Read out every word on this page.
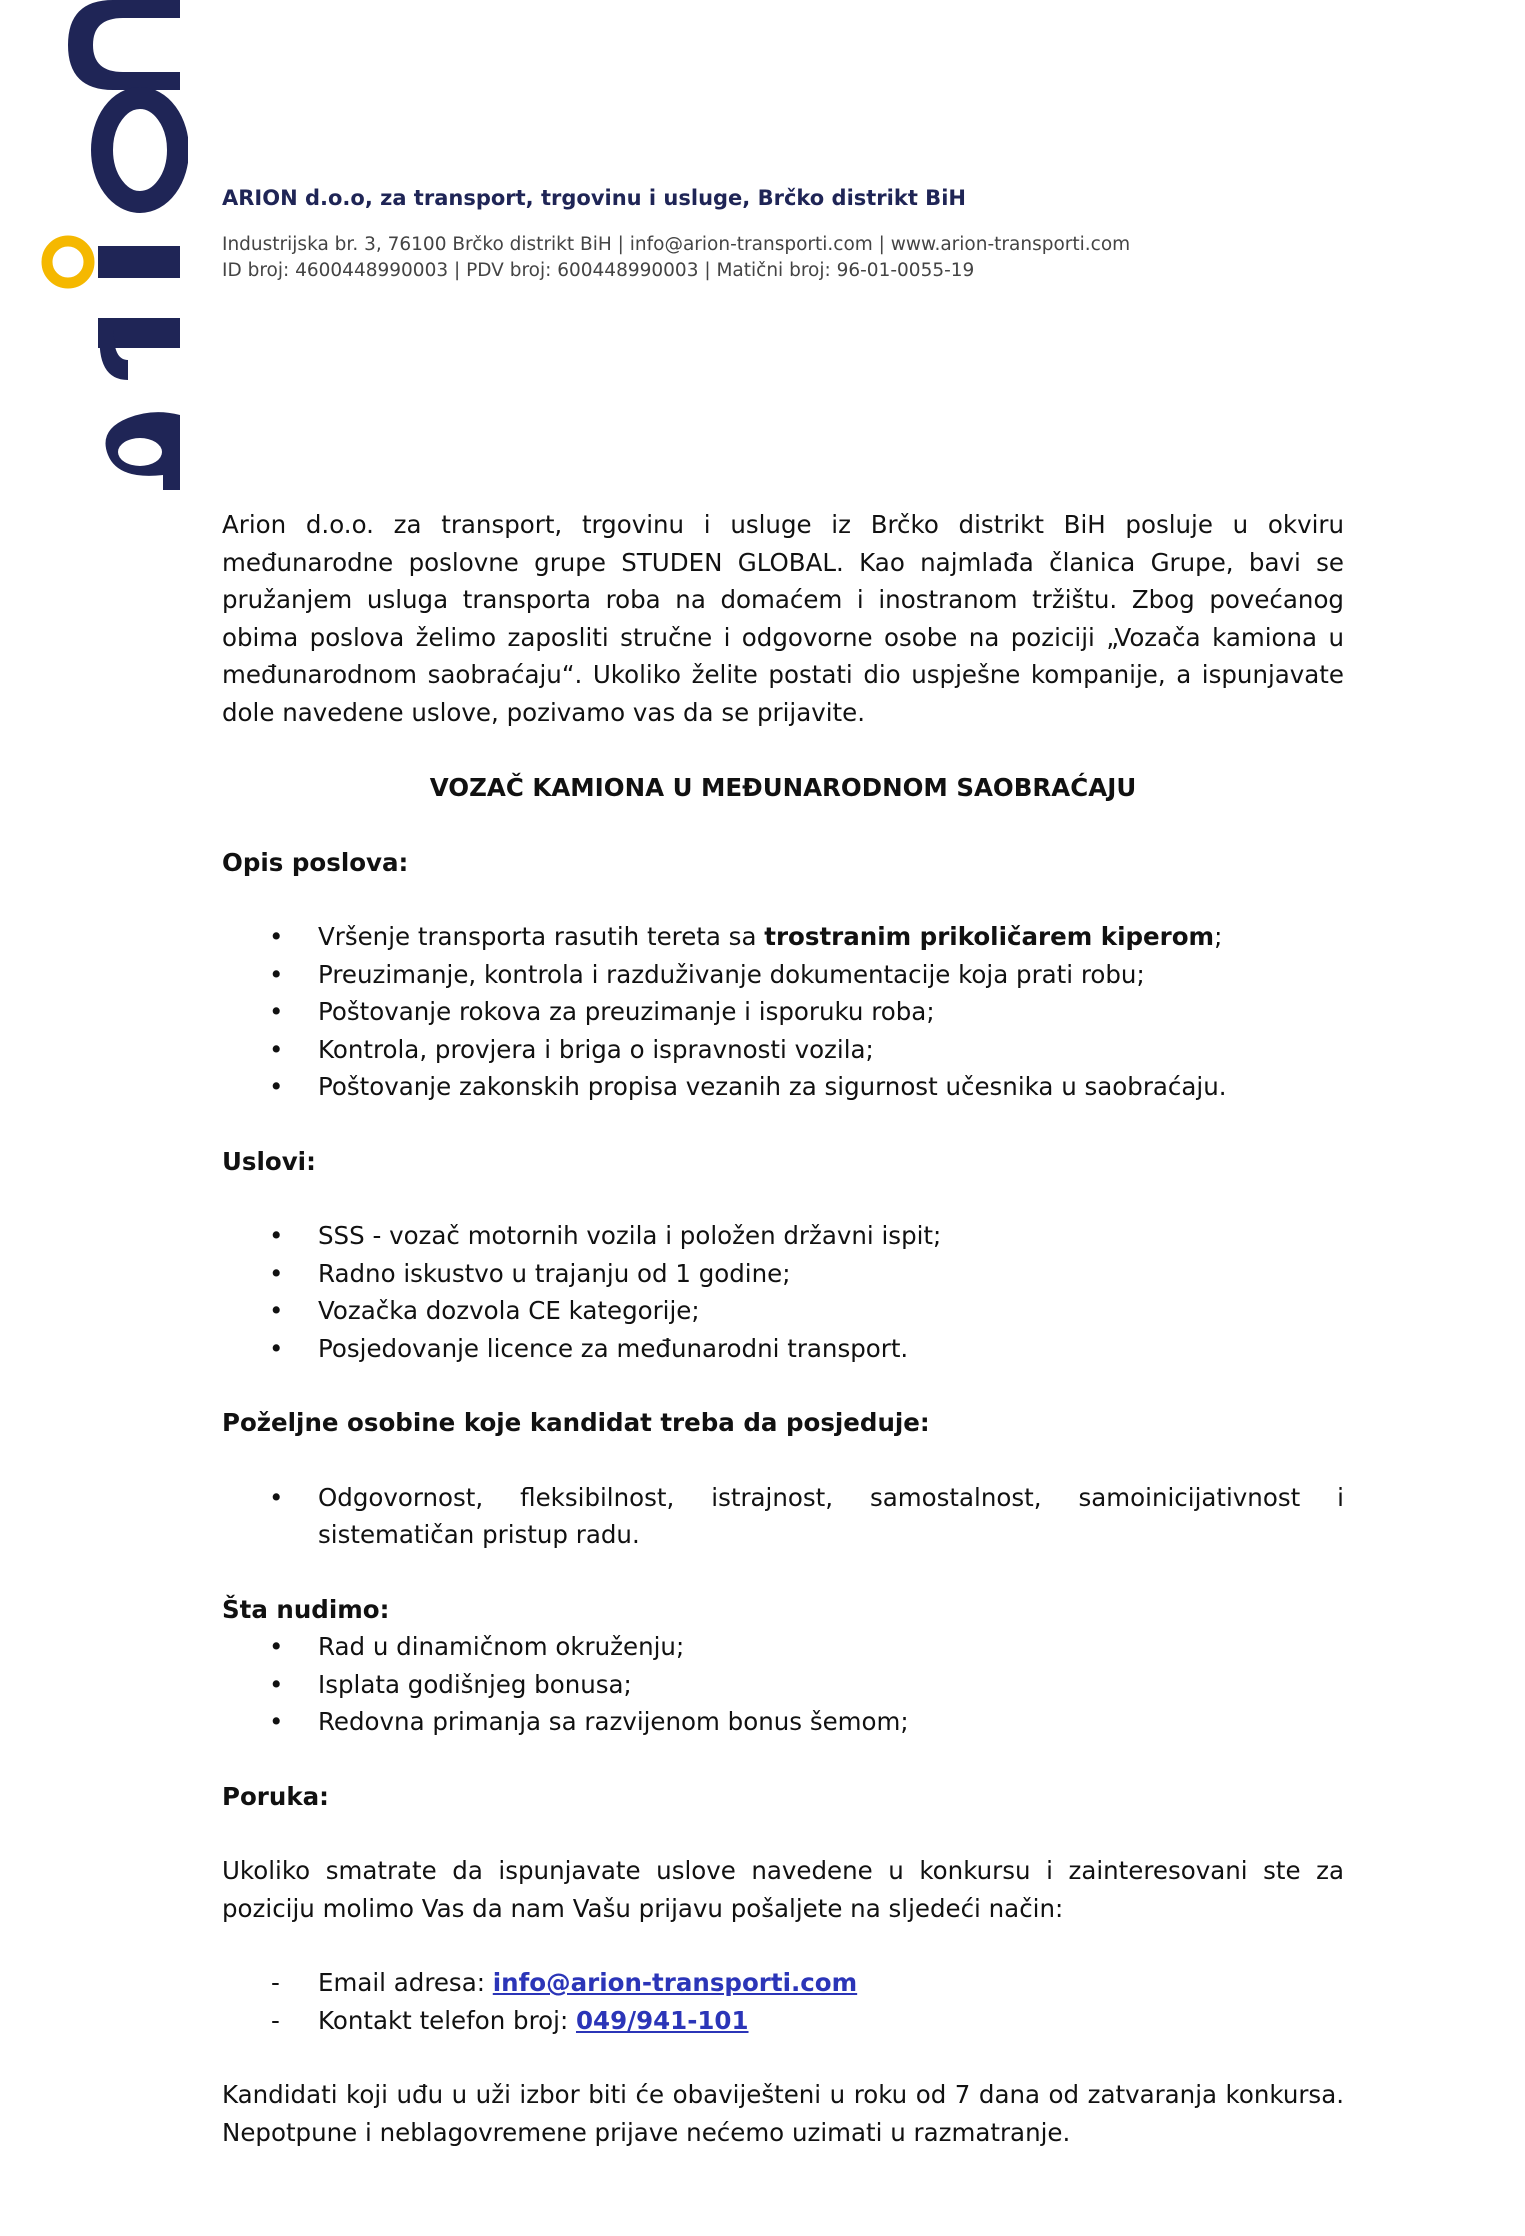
ARION d.o.o, za transport, trgovinu i usluge, Brčko distrikt BiH

Industrijska br. 3, 76100 Brčko distrikt BiH | info@arion-transporti.com | www.arion-transporti.com

ID broj: 4600448990003 | PDV broj: 600448990003 | Matični broj: 96-01-0055-19

Arion d.o.o. za transport, trgovinu i usluge iz Brčko distrikt BiH posluje u okviru međunarodne poslovne grupe STUDEN GLOBAL. Kao najmlađa članica Grupe, bavi se pružanjem usluga transporta roba na domaćem i inostranom tržištu. Zbog povećanog obima poslova želimo zaposliti stručne i odgovorne osobe na poziciji „Vozača kamiona u međunarodnom saobraćaju“. Ukoliko želite postati dio uspješne kompanije, a ispunjavate dole navedene uslove, pozivamo vas da se prijavite.

VOZAČ KAMIONA U MEĐUNARODNOM SAOBRAĆAJU

Opis poslova:

• Vršenje transporta rasutih tereta sa trostranim prikoličarem kiperom;
• Preuzimanje, kontrola i razduživanje dokumentacije koja prati robu;
• Poštovanje rokova za preuzimanje i isporuku roba;
• Kontrola, provjera i briga o ispravnosti vozila;
• Poštovanje zakonskih propisa vezanih za sigurnost učesnika u saobraćaju.

Uslovi:

• SSS - vozač motornih vozila i položen državni ispit;
• Radno iskustvo u trajanju od 1 godine;
• Vozačka dozvola CE kategorije;
• Posjedovanje licence za međunarodni transport.

Poželjne osobine koje kandidat treba da posjeduje:

• Odgovornost, fleksibilnost, istrajnost, samostalnost, samoinicijativnost i sistematičan pristup radu.

Šta nudimo:

• Rad u dinamičnom okruženju;
• Isplata godišnjeg bonusa;
• Redovna primanja sa razvijenom bonus šemom;

Poruka:

Ukoliko smatrate da ispunjavate uslove navedene u konkursu i zainteresovani ste za poziciju molimo Vas da nam Vašu prijavu pošaljete na sljedeći način:

- Email adresa: info@arion-transporti.com
- Kontakt telefon broj: 049/941-101

Kandidati koji uđu u uži izbor biti će obaviješteni u roku od 7 dana od zatvaranja konkursa. Nepotpune i neblagovremene prijave nećemo uzimati u razmatranje.
